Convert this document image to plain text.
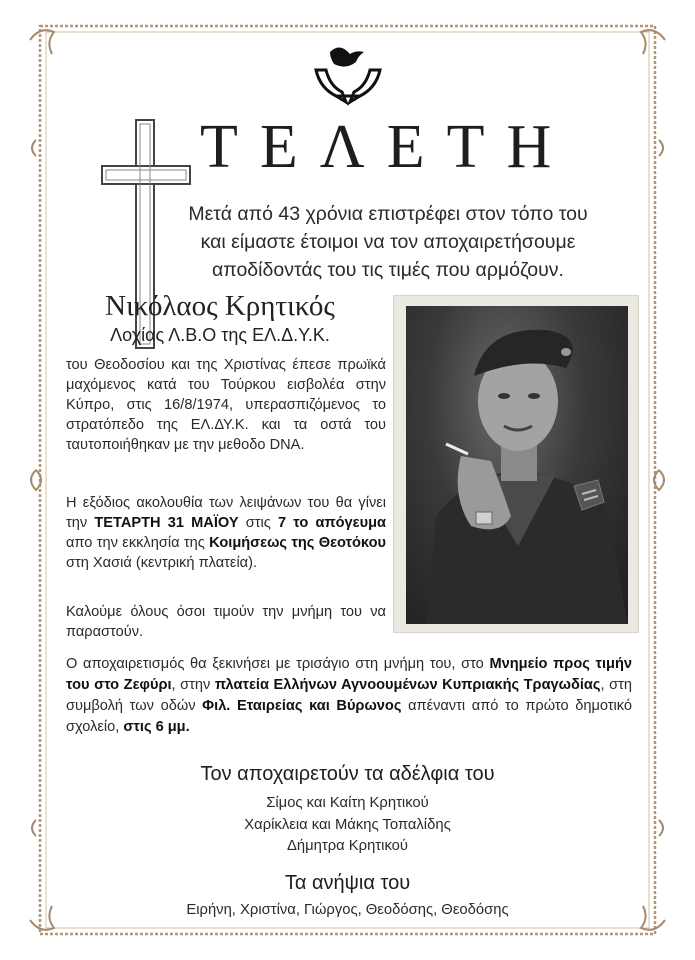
ΤΕΛΕΤΗ
Μετά από 43 χρόνια επιστρέφει στον τόπο του
και είμαστε έτοιμοι να τον αποχαιρετήσουμε
αποδίδοντάς του τις τιμές που αρμόζουν.
Νικόλαος Κρητικός
Λοχίας Λ.Β.Ο της ΕΛ.Δ.Υ.Κ.
του Θεοδοσίου και της Χριστίνας έπεσε πρωϊκά μαχόμενος κατά του Τούρκου εισβολέα στην Κύπρο, στις 16/8/1974, υπερασπιζόμενος το στρατόπεδο της ΕΛ.ΔΥ.Κ. και τα οστά του ταυτοποιήθηκαν με την μεθοδο DNA.
Η εξόδιος ακολουθία των λειψάνων του θα γίνει την ΤΕΤΑΡΤΗ 31 ΜΑΪΟΥ στις 7 το απόγευμα απο την εκκλησία της Κοιμήσεως της Θεοτόκου στη Χασιά (κεντρική πλατεία).
Καλούμε όλους όσοι τιμούν την μνήμη του να παραστούν.
Ο αποχαιρετισμός θα ξεκινήσει με τρισάγιο στη μνήμη του, στο Μνημείο προς τιμήν του στο Ζεφύρι, στην πλατεία Ελλήνων Αγνοουμένων Κυπριακής Τραγωδίας, στη συμβολή των οδών Φιλ. Εταιρείας και Βύρωνος απέναντι από το πρώτο δημοτικό σχολείο, στις 6 μμ.
Τον αποχαιρετούν τα αδέλφια του
Σίμος και Καίτη Κρητικού
Χαρίκλεια και Μάκης Τοπαλίδης
Δήμητρα Κρητικού
Τα ανήψια του
Ειρήνη, Χριστίνα, Γιώργος, Θεοδόσης, Θεοδόσης
